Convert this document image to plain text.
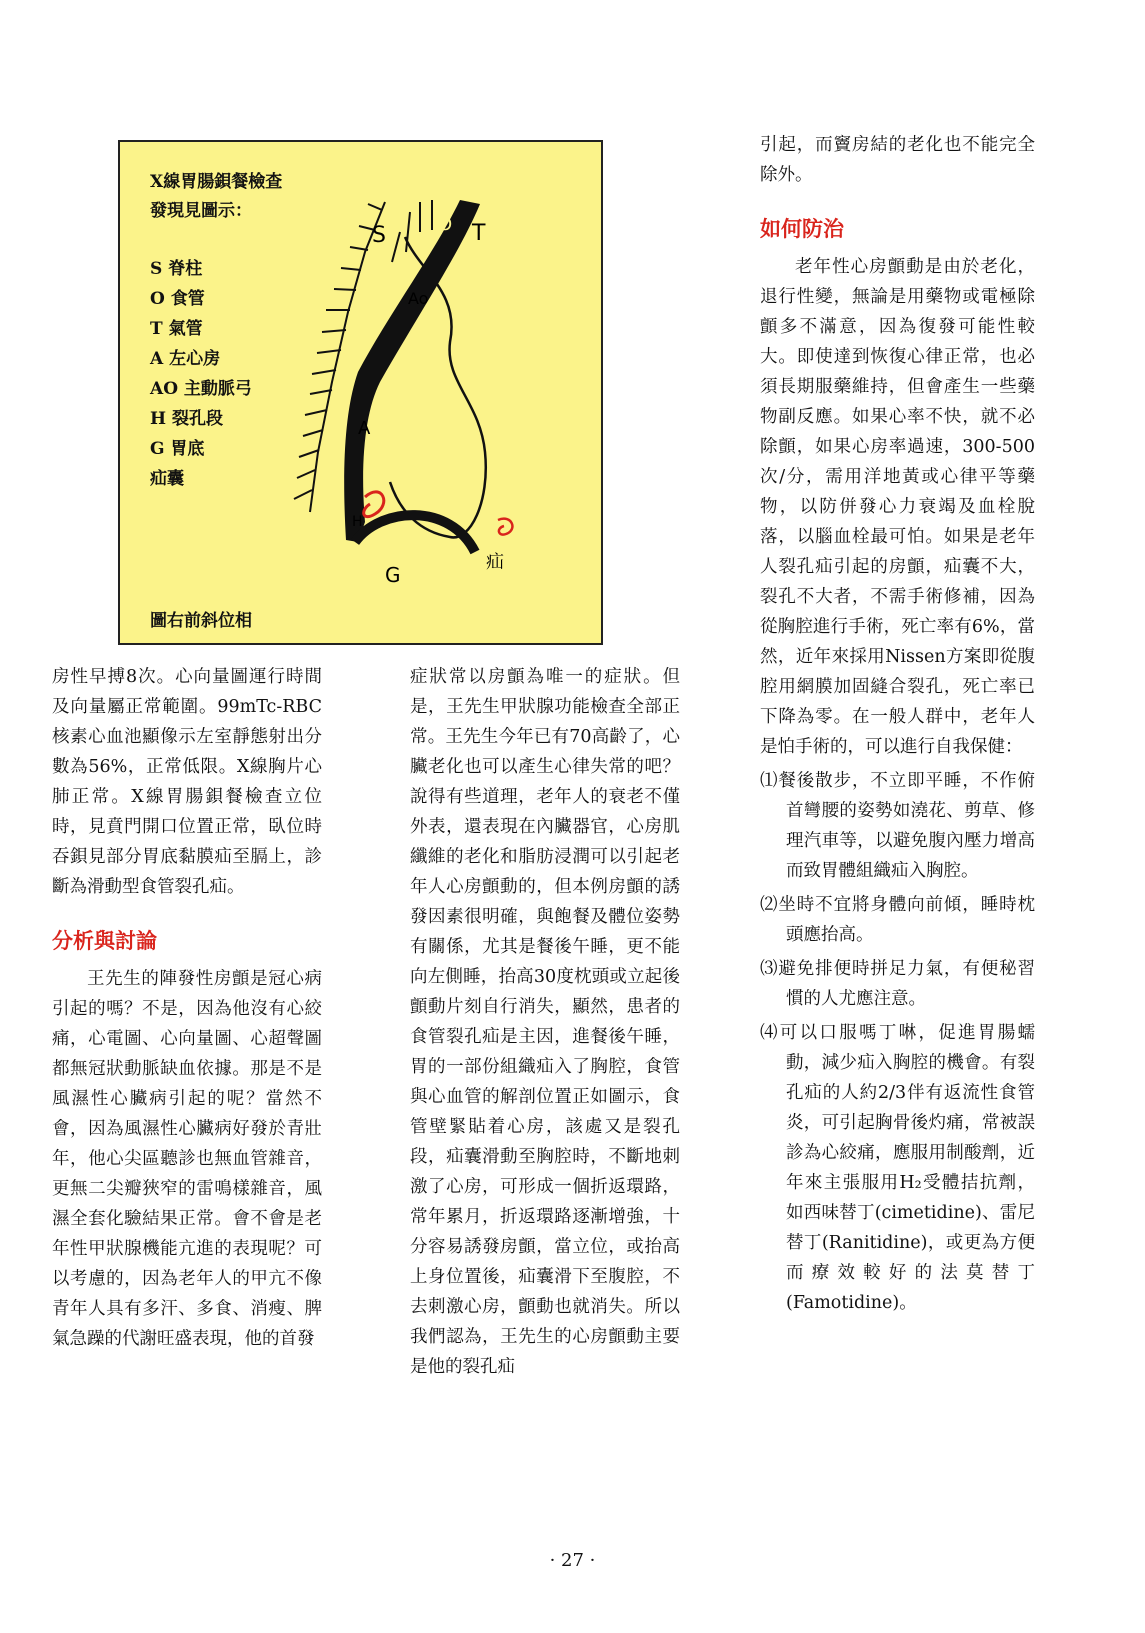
X線胃腸鋇餐檢查
發現見圖示：

S 脊柱
O 食管
T 氣管
A 左心房
AO 主動脈弓
H 裂孔段
G 胃底
疝囊
圖右前斜位相
S	O T
Ao
A
H
G
疝

房性早搏8次。心向量圖運行時間及向量屬正常範圍。99mTc-RBC核素心血池顯像示左室靜態射出分數為56%，正常低限。X線胸片心肺正常。X線胃腸鋇餐檢查立位時，見賁門開口位置正常，臥位時吞鋇見部分胃底黏膜疝至膈上，診斷為滑動型食管裂孔疝。

分析與討論

王先生的陣發性房顫是冠心病引起的嗎？不是，因為他沒有心絞痛，心電圖、心向量圖、心超聲圖都無冠狀動脈缺血依據。那是不是風濕性心臟病引起的呢？當然不會，因為風濕性心臟病好發於青壯年，他心尖區聽診也無血管雜音，更無二尖瓣狹窄的雷鳴樣雜音，風濕全套化驗結果正常。會不會是老年性甲狀腺機能亢進的表現呢？可以考慮的，因為老年人的甲亢不像青年人具有多汗、多食、消瘦、脾氣急躁的代謝旺盛表現，他的首發

症狀常以房顫為唯一的症狀。但是，王先生甲狀腺功能檢查全部正常。王先生今年已有70高齡了，心臟老化也可以產生心律失常的吧？說得有些道理，老年人的衰老不僅外表，還表現在內臟器官，心房肌纖維的老化和脂肪浸潤可以引起老年人心房顫動的，但本例房顫的誘發因素很明確，與飽餐及體位姿勢有關係，尤其是餐後午睡，更不能向左側睡，抬高30度枕頭或立起後顫動片刻自行消失，顯然，患者的食管裂孔疝是主因，進餐後午睡，胃的一部份組織疝入了胸腔，食管與心血管的解剖位置正如圖示，食管壁緊貼着心房，該處又是裂孔段，疝囊滑動至胸腔時，不斷地刺激了心房，可形成一個折返環路，常年累月，折返環路逐漸增強，十分容易誘發房顫，當立位，或抬高上身位置後，疝囊滑下至腹腔，不去刺激心房，顫動也就消失。所以我們認為，王先生的心房顫動主要是他的裂孔疝

引起，而竇房結的老化也不能完全除外。

如何防治

老年性心房顫動是由於老化，退行性變，無論是用藥物或電極除顫多不滿意，因為復發可能性較大。即使達到恢復心律正常，也必須長期服藥維持，但會產生一些藥物副反應。如果心率不快，就不必除顫，如果心房率過速，300-500次/分，需用洋地黃或心律平等藥物，以防併發心力衰竭及血栓脫落，以腦血栓最可怕。如果是老年人裂孔疝引起的房顫，疝囊不大，裂孔不大者，不需手術修補，因為從胸腔進行手術，死亡率有6%，當然，近年來採用Nissen方案即從腹腔用網膜加固縫合裂孔，死亡率已下降為零。在一般人群中，老年人是怕手術的，可以進行自我保健：

⑴餐後散步，不立即平睡，不作俯首彎腰的姿勢如澆花、剪草、修理汽車等，以避免腹內壓力增高而致胃體組織疝入胸腔。

⑵坐時不宜將身體向前傾，睡時枕頭應抬高。

⑶避免排便時拼足力氣，有便秘習慣的人尤應注意。

⑷可以口服嗎丁啉，促進胃腸蠕動，減少疝入胸腔的機會。有裂孔疝的人約2/3伴有返流性食管炎，可引起胸骨後灼痛，常被誤診為心絞痛，應服用制酸劑，近年來主張服用H₂受體拮抗劑，如西味替丁(cimetidine)、雷尼替丁(Ranitidine)，或更為方便而療效較好的法莫替丁(Famotidine)。

· 27 ·
